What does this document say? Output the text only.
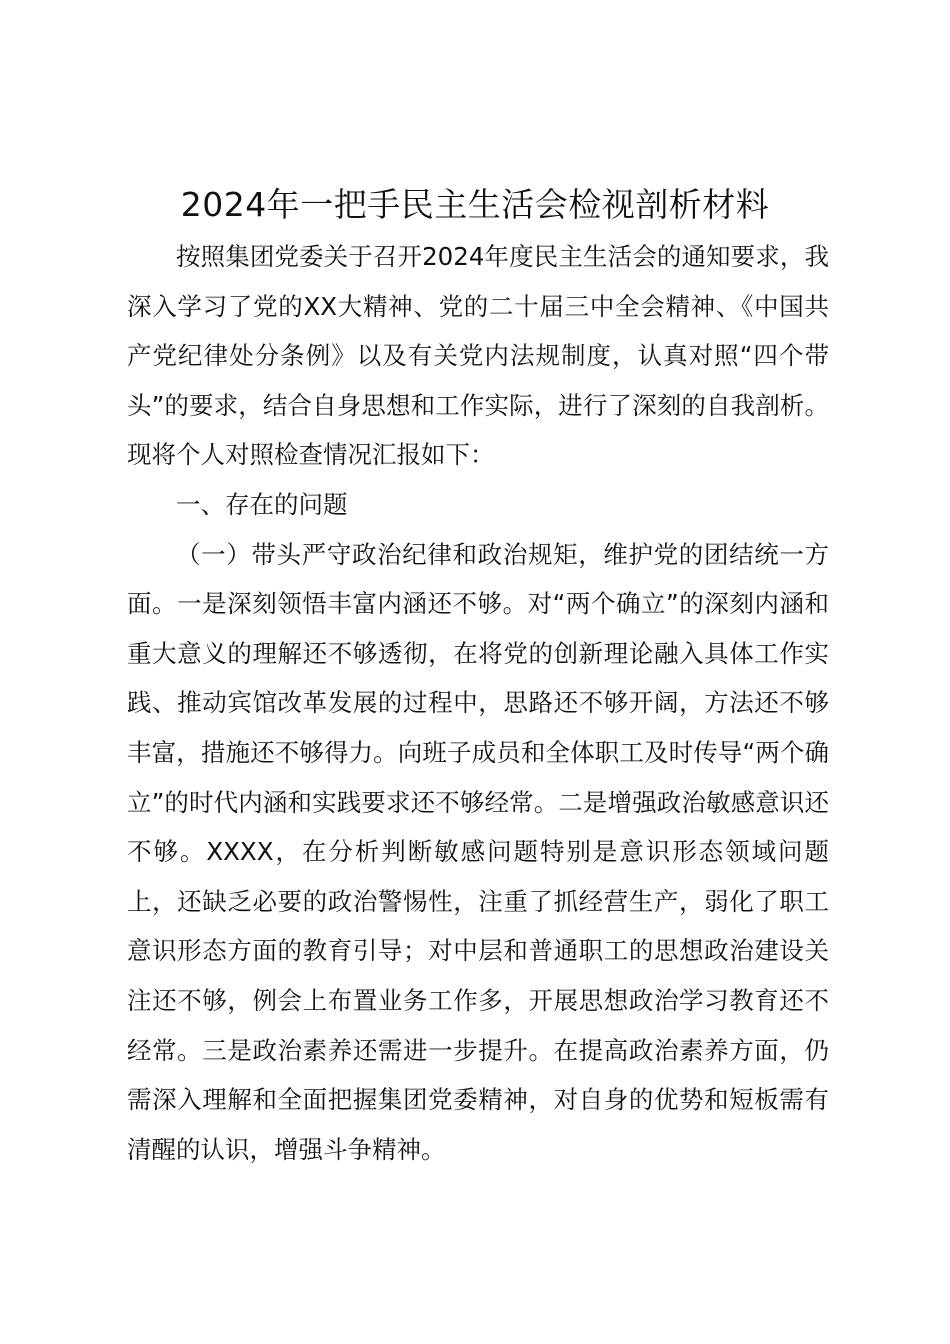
2024年一把手民主生活会检视剖析材料

按照集团党委关于召开2024年度民主生活会的通知要求，我深入学习了党的XX大精神、党的二十届三中全会精神、《中国共产党纪律处分条例》以及有关党内法规制度，认真对照“四个带头”的要求，结合自身思想和工作实际，进行了深刻的自我剖析。现将个人对照检查情况汇报如下：

一、存在的问题

（一）带头严守政治纪律和政治规矩，维护党的团结统一方面。一是深刻领悟丰富内涵还不够。对“两个确立”的深刻内涵和重大意义的理解还不够透彻，在将党的创新理论融入具体工作实践、推动宾馆改革发展的过程中，思路还不够开阔，方法还不够丰富，措施还不够得力。向班子成员和全体职工及时传导“两个确立”的时代内涵和实践要求还不够经常。二是增强政治敏感意识还不够。XXXX，在分析判断敏感问题特别是意识形态领域问题上，还缺乏必要的政治警惕性，注重了抓经营生产，弱化了职工意识形态方面的教育引导；对中层和普通职工的思想政治建设关注还不够，例会上布置业务工作多，开展思想政治学习教育还不经常。三是政治素养还需进一步提升。在提高政治素养方面，仍需深入理解和全面把握集团党委精神，对自身的优势和短板需有清醒的认识，增强斗争精神。
